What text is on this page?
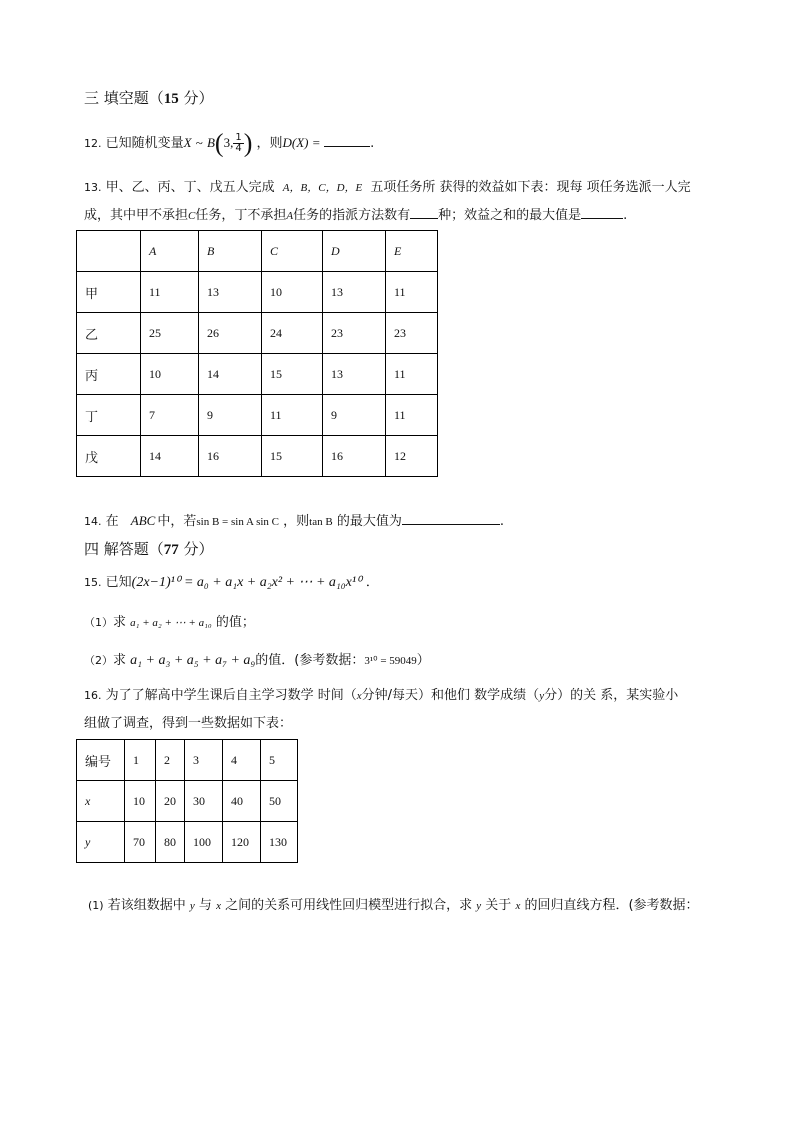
三 填空题（15 分）
12. 已知随机变量X ~ B(3, $\frac{1}{4}$ ) ，则D(X) =	.
13. 甲、乙、丙、丁、戊五人完成 A，B，C，D，E 五项任务所 获得的效益如下表：现每 项任务选派一人完
成，其中甲不承担C任务，丁不承担A任务的指派方法数有 种；效益之和的最大值是	.
	A	B	C	D	E
甲	11	13	10	13	11
乙	25	26	24	23	23
丙	10	14	15	13	11
丁	7	9	11	9	11
戊	14	16	15	16	12
14. 在 ABC 中，若sin B = sin A sin C ，则tan B 的最大值为	.
四 解答题（77 分）
15. 已知(2x−1)¹⁰ = a₀ + a₁x + a₂x² + ⋯ + a₁₀x¹⁰ ．
（1）求 a₁ + a₂ + ⋯ + a₁₀ 的值；
（2）求 a₁ + a₃ + a₅ + a₇ + a₉的值．(参考数据：3¹⁰ = 59049）
16. 为了了解高中学生课后自主学习数学 时间（x分钟/每天）和他们 数学成绩（y分）的关 系，某实验小
组做了调查，得到一些数据如下表：
编号	1	2	3	4	5
x	10	20	30	40	50
y	70	80	100	120	130
(1) 若该组数据中 y 与 x 之间的关系可用线性回归模型进行拟合，求 y 关于 x 的回归直线方程．(参考数据：
